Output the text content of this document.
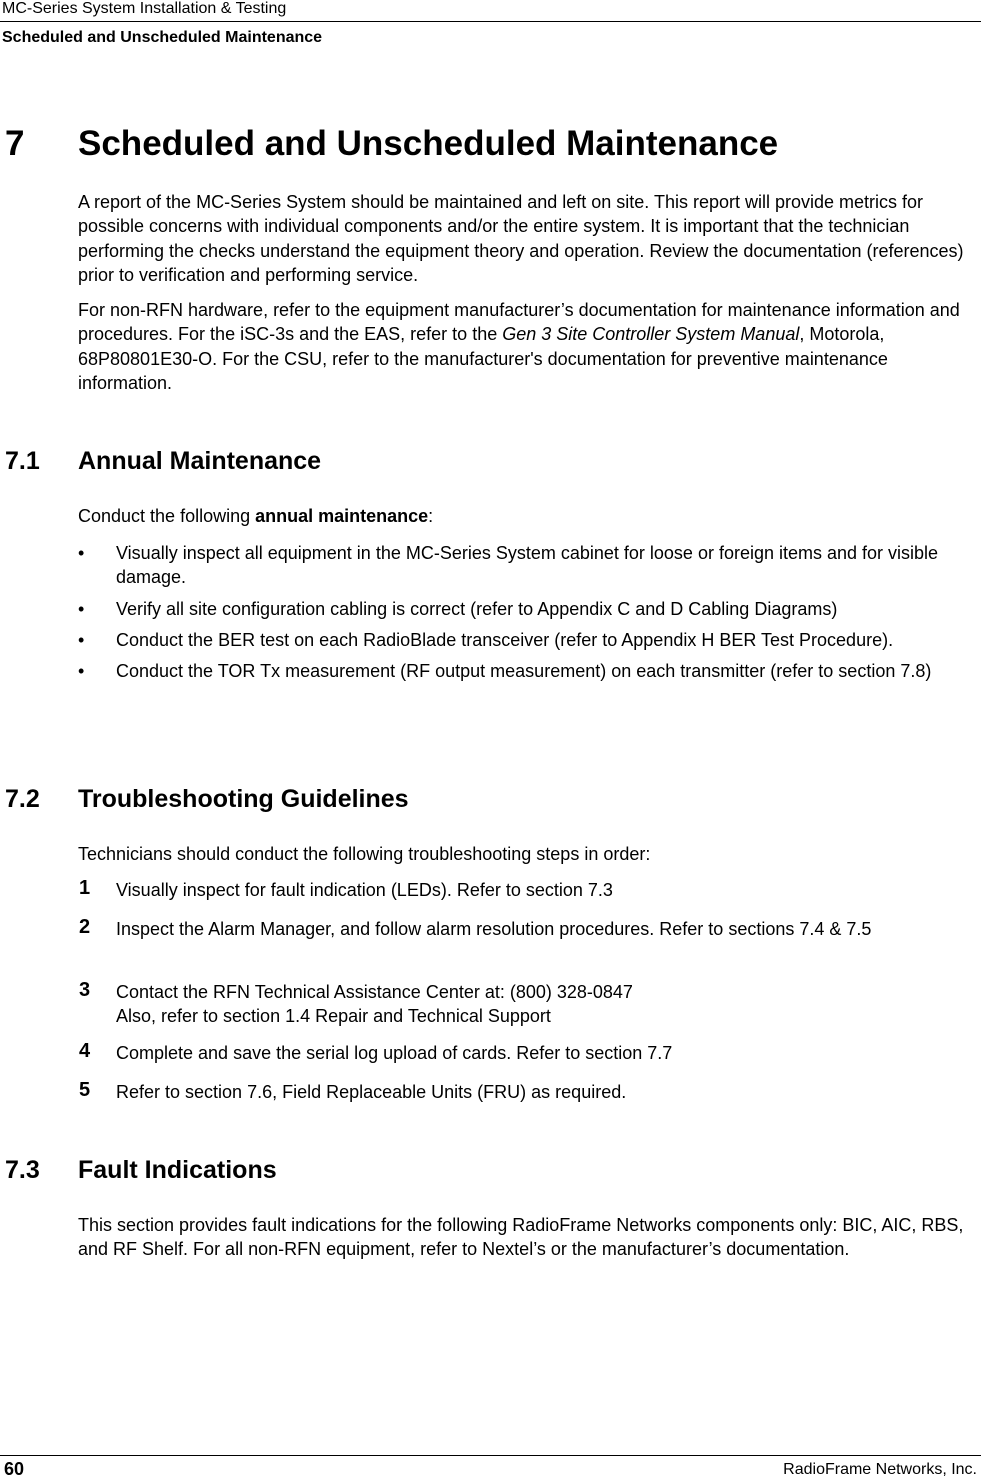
MC-Series System Installation & Testing
Scheduled and Unscheduled Maintenance
7 Scheduled and Unscheduled Maintenance
A report of the MC-Series System should be maintained and left on site. This report will provide metrics for possible concerns with individual components and/or the entire system. It is important that the technician performing the checks understand the equipment theory and operation. Review the documentation (references) prior to verification and performing service.
For non-RFN hardware, refer to the equipment manufacturer’s documentation for maintenance information and procedures. For the iSC-3s and the EAS, refer to the Gen 3 Site Controller System Manual, Motorola, 68P80801E30-O. For the CSU, refer to the manufacturer's documentation for preventive maintenance information.
7.1 Annual Maintenance
Conduct the following annual maintenance:
•	Visually inspect all equipment in the MC-Series System cabinet for loose or foreign items and for visible damage.
•	Verify all site configuration cabling is correct (refer to Appendix C and D Cabling Diagrams)
•	Conduct the BER test on each RadioBlade transceiver (refer to Appendix H BER Test Procedure).
•	Conduct the TOR Tx measurement (RF output measurement) on each transmitter (refer to section 7.8)
7.2 Troubleshooting Guidelines
Technicians should conduct the following troubleshooting steps in order:
1 Visually inspect for fault indication (LEDs). Refer to section 7.3
2 Inspect the Alarm Manager, and follow alarm resolution procedures. Refer to sections 7.4 & 7.5
3 Contact the RFN Technical Assistance Center at: (800) 328-0847
Also, refer to section 1.4 Repair and Technical Support
4 Complete and save the serial log upload of cards. Refer to section 7.7
5 Refer to section 7.6, Field Replaceable Units (FRU) as required.
7.3 Fault Indications
This section provides fault indications for the following RadioFrame Networks components only: BIC, AIC, RBS, and RF Shelf. For all non-RFN equipment, refer to Nextel’s or the manufacturer’s documentation.
60	RadioFrame Networks, Inc.
